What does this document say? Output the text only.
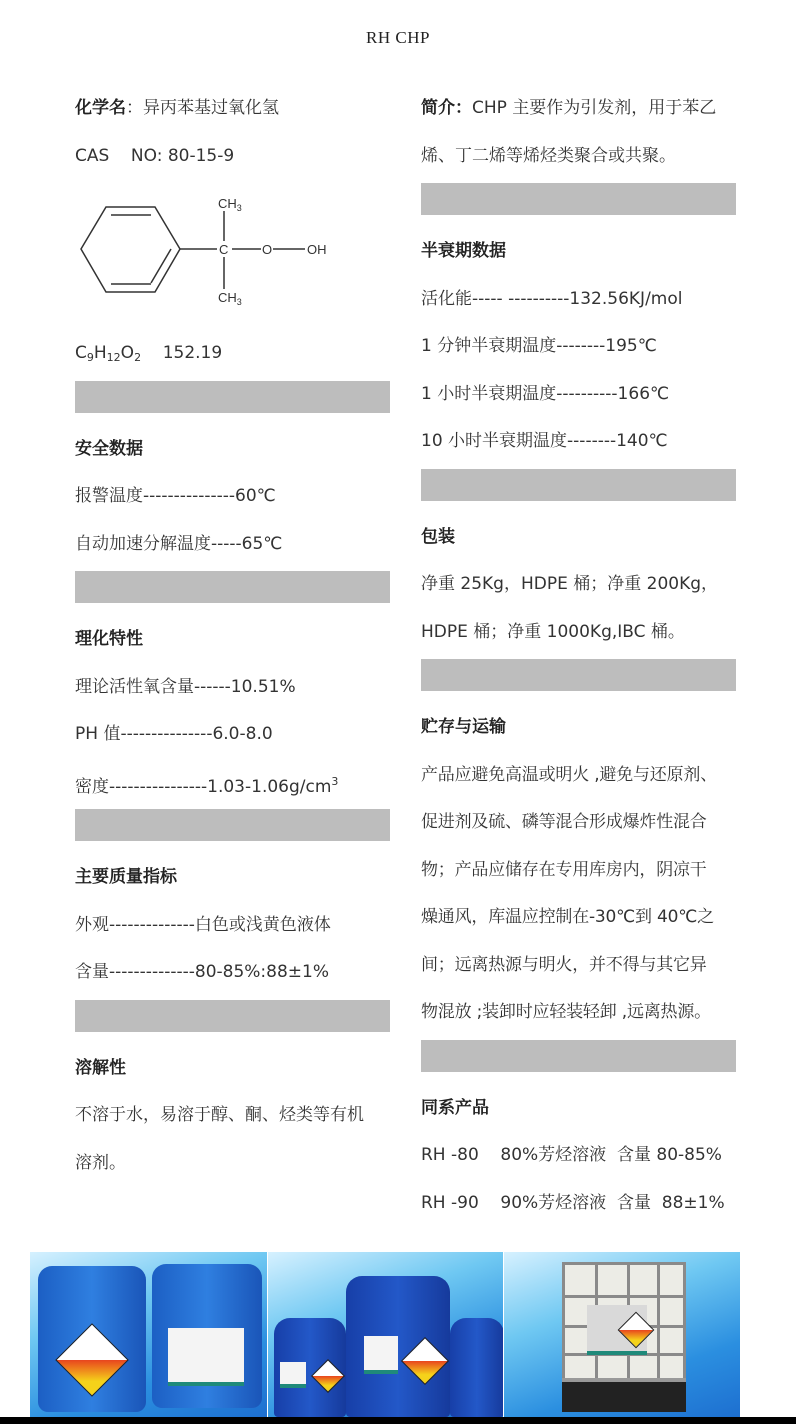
RH CHP
化学名：异丙苯基过氧化氢
CAS    NO: 80-15-9
$CH_3$
C	O	OH
$CH_3$
$C_9H_{12}O_2$ 152.19
安全数据
报警温度---------------60℃
自动加速分解温度-----65℃
理化特性
理论活性氧含量------10.51%
PH 值---------------6.0-8.0
密度$----------------1.03-1.06g/cm^3$
主要质量指标
外观--------------白色或浅黄色液体
含量--------------80-85%:88±1%
溶解性
不溶于水，易溶于醇、酮、烃类等有机
溶剂。
简介：CHP 主要作为引发剂，用于苯乙
烯、丁二烯等烯烃类聚合或共聚。
半衰期数据
活化能----- ----------132.56KJ/mol
1 分钟半衰期温度--------195℃
1 小时半衰期温度----------166℃
10 小时半衰期温度--------140℃
包装
净重 25Kg，HDPE 桶；净重 200Kg，
HDPE 桶；净重 1000Kg,IBC 桶。
贮存与运输
产品应避免高温或明火 ,避免与还原剂、
促进剂及硫、磷等混合形成爆炸性混合
物；产品应储存在专用库房内，阴凉干
燥通风，库温应控制在-30℃到 40℃之
间；远离热源与明火，并不得与其它异
物混放 ;装卸时应轻装轻卸 ,远离热源。
同系产品
RH -80    80%芳烃溶液  含量 80-85%
RH -90    90%芳烃溶液  含量  88±1%
